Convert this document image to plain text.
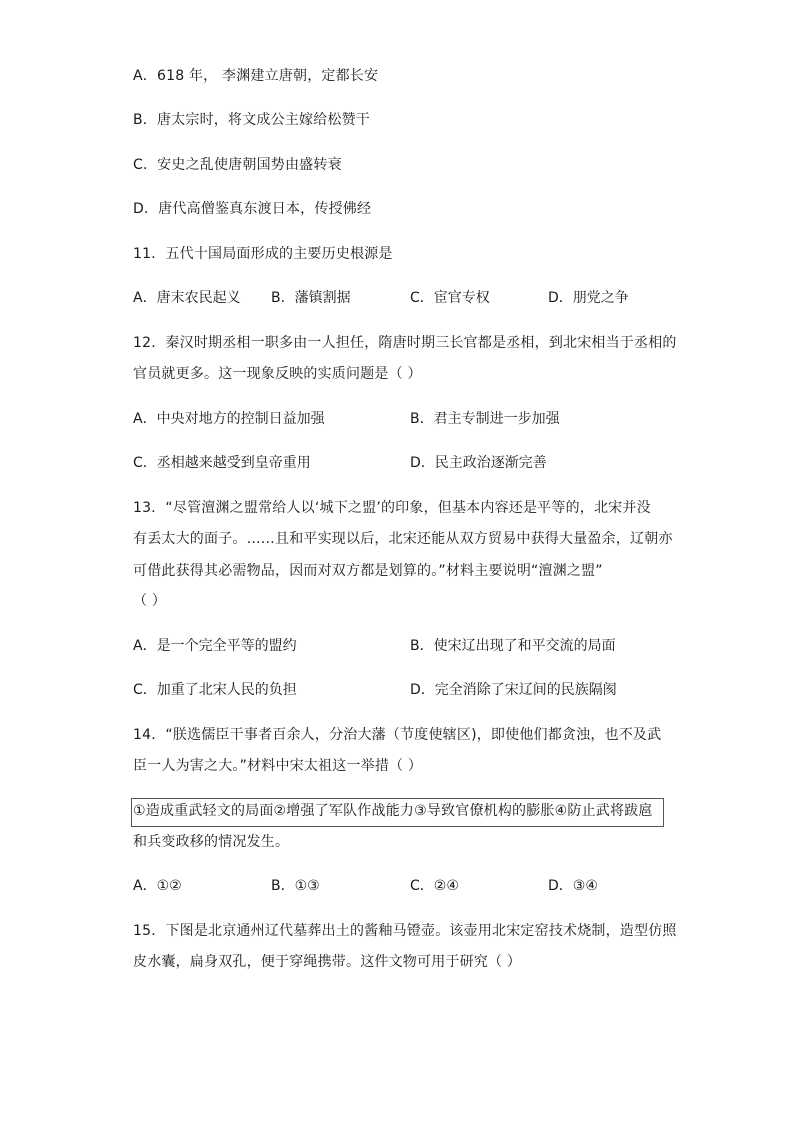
A．618 年， 李渊建立唐朝，定都长安
B．唐太宗时，将文成公主嫁给松赞干
C．安史之乱使唐朝国势由盛转衰
D．唐代高僧鉴真东渡日本，传授佛经
11．五代十国局面形成的主要历史根源是
A．唐末农民起义 B．藩镇割据	C．宦官专权	D．朋党之争
12．秦汉时期丞相一职多由一人担任，隋唐时期三长官都是丞相，到北宋相当于丞相的
官员就更多。这一现象反映的实质问题是（ ）
A．中央对地方的控制日益加强	B．君主专制进一步加强
C．丞相越来越受到皇帝重用	D．民主政治逐渐完善
13．“尽管澶渊之盟常给人以‘城下之盟’的印象，但基本内容还是平等的，北宋并没
有丢太大的面子。……且和平实现以后，北宋还能从双方贸易中获得大量盈余，辽朝亦
可借此获得其必需物品，因而对双方都是划算的。”材料主要说明“澶渊之盟”
（ ）
A．是一个完全平等的盟约	B．使宋辽出现了和平交流的局面
C．加重了北宋人民的负担	D．完全消除了宋辽间的民族隔阂
14．“朕选儒臣干事者百余人，分治大藩（节度使辖区)，即使他们都贪浊，也不及武
臣一人为害之大。”材料中宋太祖这一举措（ ）
①造成重武轻文的局面②增强了军队作战能力③导致官僚机构的膨胀④防止武将跋扈
和兵变政移的情况发生。
A．①②	B．①③	C．②④	D．③④
15．下图是北京通州辽代墓葬出土的酱釉马镫壶。该壶用北宋定窑技术烧制，造型仿照
皮水囊，扁身双孔，便于穿绳携带。这件文物可用于研究（ ）
